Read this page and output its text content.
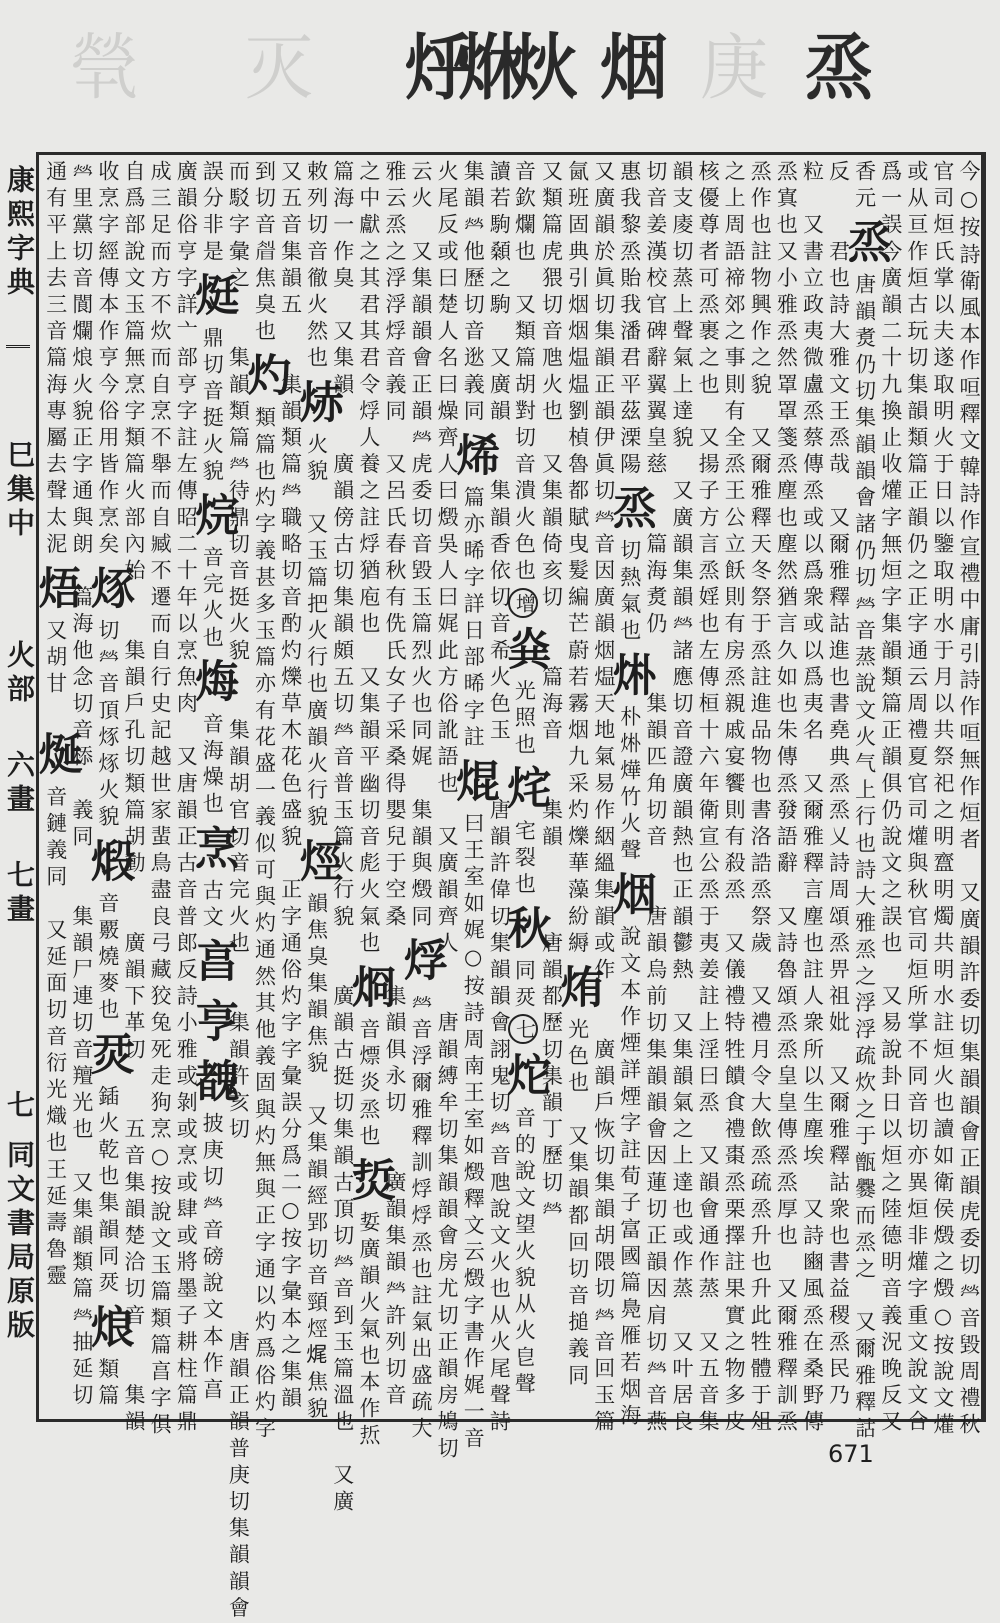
煢 灭	庚
烀
烌
炏 烟 烝
康熙字典
巳集中
火部
六畫
七畫
七
同文書局原版	今○按詩衛風本作咺釋文韓詩作宣禮中庸引詩作咺無作烜者　又廣韻許委切集韻韻會正韻虎委切𤇾音毀周禮秋
官司烜氏掌以夫遂取明火于日以鑒取明水于月以共祭祀之明齍明燭共明水註烜火也讀如衛侯燬之燬○按說文爟
或从亘作烜古玩切集韻類篇正韻仍之正字通云周禮夏官司爟與秋官司烜所掌不同音切亦異烜非爟字重文說文合
爲一誤今廣韻二十九換止收爟字無烜字集韻類篇正韻俱仍說文之誤也　又易說卦日以烜之陸德明音義況晚反又
香元烝唐韻煑仍切集韻韻會諸仍切𤇾音蒸說文火气上行也詩大雅烝之浮浮疏炊之于甑爨而烝之　又爾雅釋詁
反　　君也詩大雅文王烝哉　又爾雅釋詁進也書堯典烝烝乂詩周頌烝畀祖妣　又爾雅釋詁衆也書益稷烝民乃
粒　又書立政夷微盧烝蔡傳烝或以爲衆或以爲夷名　又爾雅釋言塵也註人衆所以生塵埃　又詩豳風烝在桑野傳
烝寘也又小雅烝然罩罩箋烝塵也塵然猶言久如也朱傳烝發語辭　又詩魯頌烝烝皇皇傳烝烝厚也　又爾雅釋訓烝
烝作也註物興作之貌　又爾雅釋天冬祭于烝註進品物也書洛誥烝祭歲　又禮月令大飲烝疏烝升也升此牲體于俎
之上周語禘郊之事則有全烝王公立飫則有房烝親戚宴饗則有殺烝　又儀禮特牲饋食禮棗烝栗擇註果實之物多皮
核優尊者可烝裹之也　又揚子方言烝婬也左傳桓十六年衛宣公烝于夷姜註上淫曰烝　又韻會通作蒸　又五音集
韻支庱切蒸上聲氣上達貌　又廣韻集韻𤇾諸應切音證廣韻熱也正韻鬱熱　又集韻氣之上達也或作蒸　又叶居良
切音姜漢校官碑辭翼翼皇慈　　篇海煑仍　　集韻匹角切音　　唐韻烏前切集韻韻會因蓮切正韻因肩切𤇾音燕
惠我黎烝貽我潘君平茲溧陽烝切熱氣也烞朴烞燁竹火聲烟說文本作煙詳煙字註荀子富國篇鳧雁若烟海
又廣韻於眞切集韻正韻伊眞切𤇾音因廣韻烟煴天地氣易作絪縕集韻或作　　廣韻戶恢切集韻胡隈切𤇾音回玉篇
氤班固典引烟烟煴煴劉楨魯都賦曳髮編芒蔚若霧烟九采灼爍華藻紛縟烠光色也　又集韻都回切音搥義同
又類篇虎猥切音虺火也　又集韻倚亥切　　篇海音　　集韻　　　唐韻都歷切集韻丁歷切𤇾
音欽爛也　又類篇胡對切音潰火色也增烡光照也烢宅裂也秋同烎七炨音的說文望火貌从火皀聲
讀若駒顙之駒　又廣韻　　集韻香依切音希火色玉　　唐韻許偉切集韻韻會詡鬼切𤇾音虺說文火也从火尾聲詩
集韻𤇾他歷切音逖義同烯篇亦晞字詳日部晞字註焜曰王室如娓○按詩周南王室如燬釋文云燬字書作娓一音
火尾反或曰楚人名曰燥齊人曰燬吳人曰娓此方俗訛語也　又廣韻齊人　　唐韻縛牟切集韻韻會房尤切正韻房鳩切
云火　又集韻韻會正韻𤇾虎委切音毀玉篇烈火也同娓　集韻與燬同烰𤇾音浮爾雅釋訓烰烰烝也註氣出盛疏大
雅云烝之浮浮烰音義同　又呂氏春秋有侁氏女子采桑得嬰兒于空桑　　集韻俱永切　　廣韻集韻𤇾許列切音
之中獻之其君其君令烰人養之註烰猶庖也　又集韻平幽切音彪火氣也烱音熛炎烝也烲娎廣韻火氣也本作焎
篇海一作臭　又集韻　　廣韻傍古切集韻頗五切𤇾音普玉篇火行貌　　廣韻古挺切集韻古頂切𤇾音到玉篇溫也　又廣
敕列切音徹火然也焃火貌　又玉篇把火行也廣韻火行貌烴韻焦臭集韻焦貌　又集韻經郢切音頸烴𤈦焦貌
又五音集韻五　　集韻類篇𤇾職略切音酌灼爍草木花色盛貌　正字通俗灼字字彙誤分爲二○按字彙本之集韻
到切音𥇮焦臭也灼類篇也灼字義甚多玉篇亦有花盛一義似可與灼通然其他義固與灼無與正字通以灼爲俗灼字
而駁字彙之　　集韻類篇𤇾待鼎切音挺火貌　　集韻胡官切音完火也　　集韻許亥切　　　　　　　唐韻正韻普庚切集韻韻會
誤分非是烶鼎切音挺火貌烷音完火也烸音海燥也烹古文亯亨䰩披庚切𤇾音磅說文本作亯
廣韻俗亨字詳亠部亨字註左傳昭二十年以烹魚肉　又唐韻正古音普郎反詩小雅或剝或烹或肆或將墨子耕柱篇鼎
成三足而方不炊而自烹不舉而自臧不遷而自行史記越世家蜚鳥盡良弓藏狡兔死走狗烹○按說文玉篇類篇亯字俱
自爲部說文玉篇無烹字類篇火部內始　　集韻戶孔切類篇胡動　　廣韻下革切　　五音集韻楚洽切音　　集韻
收烹字經傳本作亨今俗用皆作烹矣烼切𤇾音頂烼烼火貌煅音覈燒麥也烎鍤火乾也集韻同烎烺類篇
𤇾里黨切音閬爛烺火貌正字通與朗　篇海他念切音㮇　義同　　集韻尸連切音羶光也　又集韻類篇𤇾抽延切
通有平上去三音篇海專屬去聲太泥焐又胡甘　烻音鏈義同　又延面切音衍光熾也王延壽魯靈
671
